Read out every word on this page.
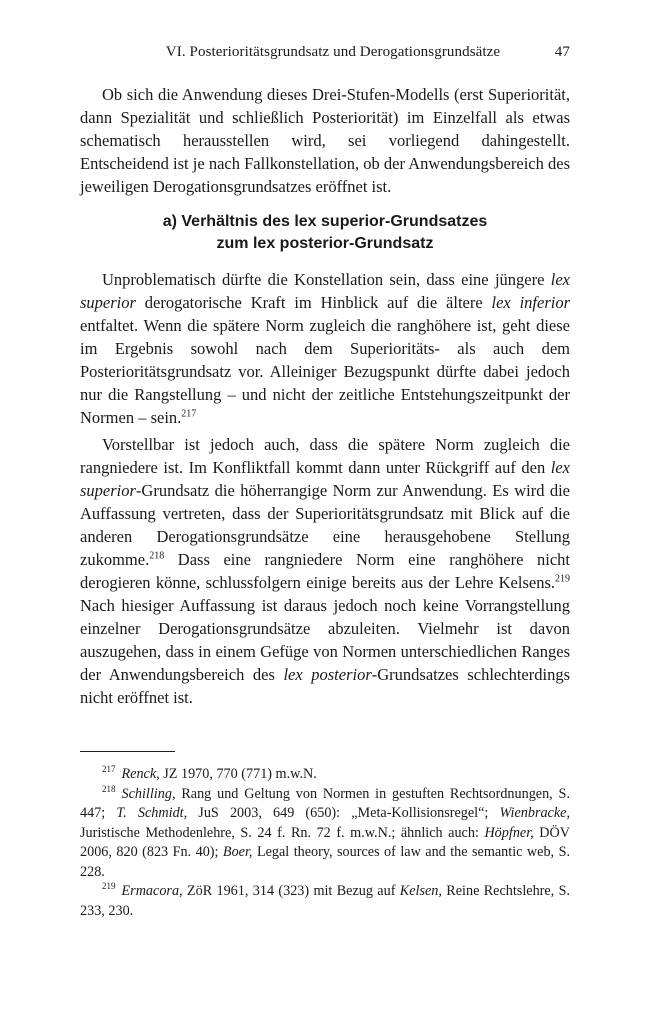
VI. Posterioritätsgrundsatz und Derogationsgrundsätze	47

Ob sich die Anwendung dieses Drei-Stufen-Modells (erst Superiorität, dann Spezialität und schließlich Posteriorität) im Einzelfall als etwas schematisch herausstellen wird, sei vorliegend dahingestellt. Entscheidend ist je nach Fallkonstellation, ob der Anwendungsbereich des jeweiligen Derogationsgrundsatzes eröffnet ist.

a) Verhältnis des lex superior-Grundsatzes
zum lex posterior-Grundsatz

Unproblematisch dürfte die Konstellation sein, dass eine jüngere lex superior derogatorische Kraft im Hinblick auf die ältere lex inferior entfaltet. Wenn die spätere Norm zugleich die ranghöhere ist, geht diese im Ergebnis sowohl nach dem Superioritäts- als auch dem Posterioritätsgrundsatz vor. Alleiniger Bezugspunkt dürfte dabei jedoch nur die Rangstellung – und nicht der zeitliche Entstehungszeitpunkt der Normen – sein.$^{217}$

Vorstellbar ist jedoch auch, dass die spätere Norm zugleich die rangniedere ist. Im Konfliktfall kommt dann unter Rückgriff auf den lex superior-Grundsatz die höherrangige Norm zur Anwendung. Es wird die Auffassung vertreten, dass der Superioritätsgrundsatz mit Blick auf die anderen Derogationsgrundsätze eine herausgehobene Stellung zukomme.$^{218}$ Dass eine rangniedere Norm eine ranghöhere nicht derogieren könne, schlussfolgern einige bereits aus der Lehre Kelsens.$^{219}$ Nach hiesiger Auffassung ist daraus jedoch noch keine Vorrangstellung einzelner Derogationsgrundsätze abzuleiten. Vielmehr ist davon auszugehen, dass in einem Gefüge von Normen unterschiedlichen Ranges der Anwendungsbereich des lex posterior-Grundsatzes schlechterdings nicht eröffnet ist.

$^{217}$ Renck, JZ 1970, 770 (771) m.w.N.

$^{218}$ Schilling, Rang und Geltung von Normen in gestuften Rechtsordnungen, S. 447; T. Schmidt, JuS 2003, 649 (650): „Meta-Kollisionsregel“; Wienbracke, Juristische Methodenlehre, S. 24 f. Rn. 72 f. m.w.N.; ähnlich auch: Höpfner, DÖV 2006, 820 (823 Fn. 40); Boer, Legal theory, sources of law and the semantic web, S. 228.

$^{219}$ Ermacora, ZöR 1961, 314 (323) mit Bezug auf Kelsen, Reine Rechtslehre, S. 233, 230.
